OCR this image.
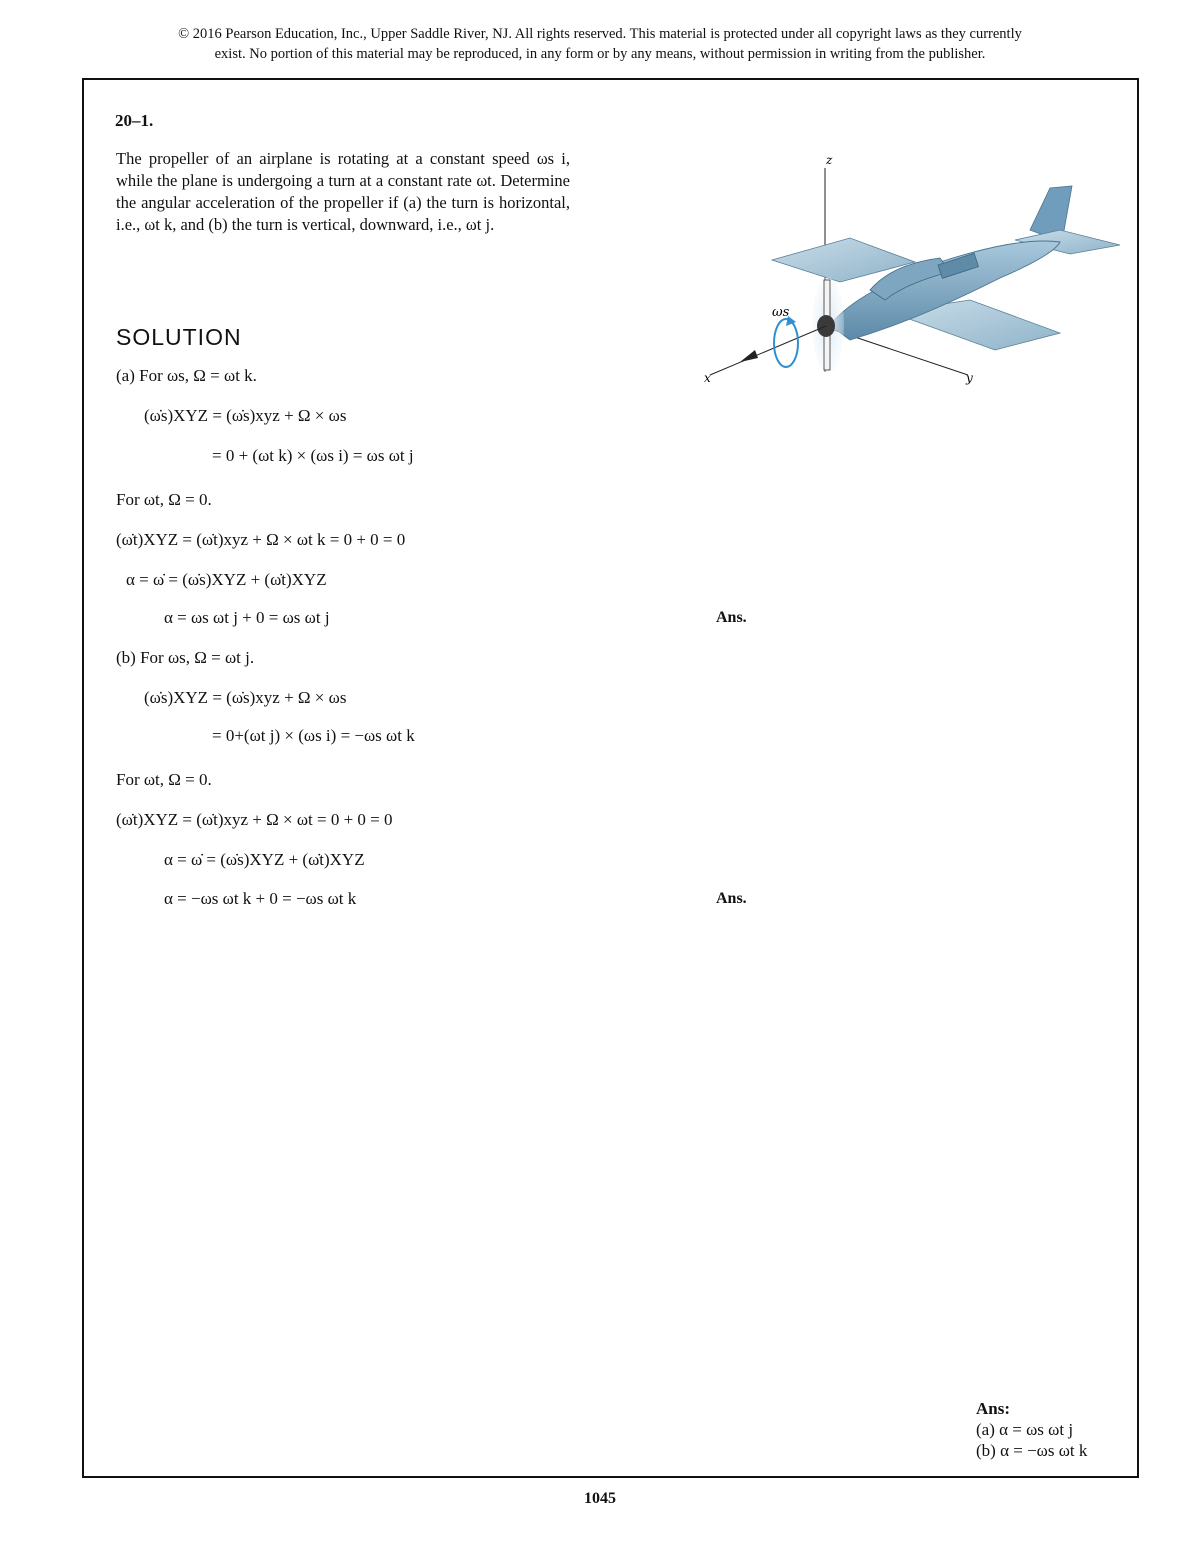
© 2016 Pearson Education, Inc., Upper Saddle River, NJ. All rights reserved. This material is protected under all copyright laws as they currently
exist. No portion of this material may be reproduced, in any form or by any means, without permission in writing from the publisher.
20–1.
The propeller of an airplane is rotating at a constant speed ωs i, while the plane is undergoing a turn at a constant rate ωt. Determine the angular acceleration of the propeller if (a) the turn is horizontal, i.e., ωt k, and (b) the turn is vertical, downward, i.e., ωt j.
z
y
x
ωs
SOLUTION
(a) For ωs, Ω = ωt k.
(ω̇s)XYZ = (ω̇s)xyz + Ω × ωs
= 0 + (ωt k) × (ωs i) = ωs ωt j
For ωt, Ω = 0.
(ω̇t)XYZ = (ω̇t)xyz + Ω × ωt k = 0 + 0 = 0
α = ω̇ = (ω̇s)XYZ + (ω̇t)XYZ
α = ωs ωt j + 0 = ωs ωt j	Ans.
(b) For ωs, Ω = ωt j.
(ω̇s)XYZ = (ω̇s)xyz + Ω × ωs
= 0+(ωt j) × (ωs i) = −ωs ωt k
For ωt, Ω = 0.
(ω̇t)XYZ = (ω̇t)xyz + Ω × ωt = 0 + 0 = 0
α = ω̇ = (ω̇s)XYZ + (ω̇t)XYZ
α = −ωs ωt k + 0 = −ωs ωt k	Ans.
Ans:
(a) α = ωs ωt j
(b) α = −ωs ωt k
1045
